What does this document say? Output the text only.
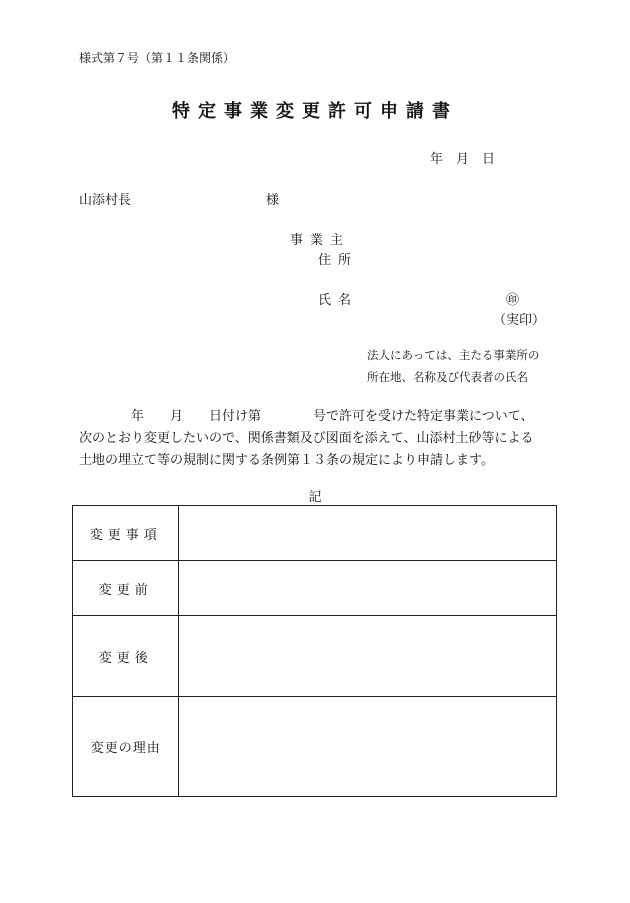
様式第７号（第１１条関係）
特定事業変更許可申請書
年　月　日
山添村長	様
事業主
住所
氏名	㊞
（実印）
法人にあっては、主たる事業所の
所在地、名称及び代表者の氏名
　　　　年　　月　　日付け第　　　　号で許可を受けた特定事業について、
次のとおり変更したいので、関係書類及び図面を添えて、山添村土砂等による
土地の埋立て等の規制に関する条例第１３条の規定により申請します。
記
変更事項	
変更前	
変更後	
変更の理由	
